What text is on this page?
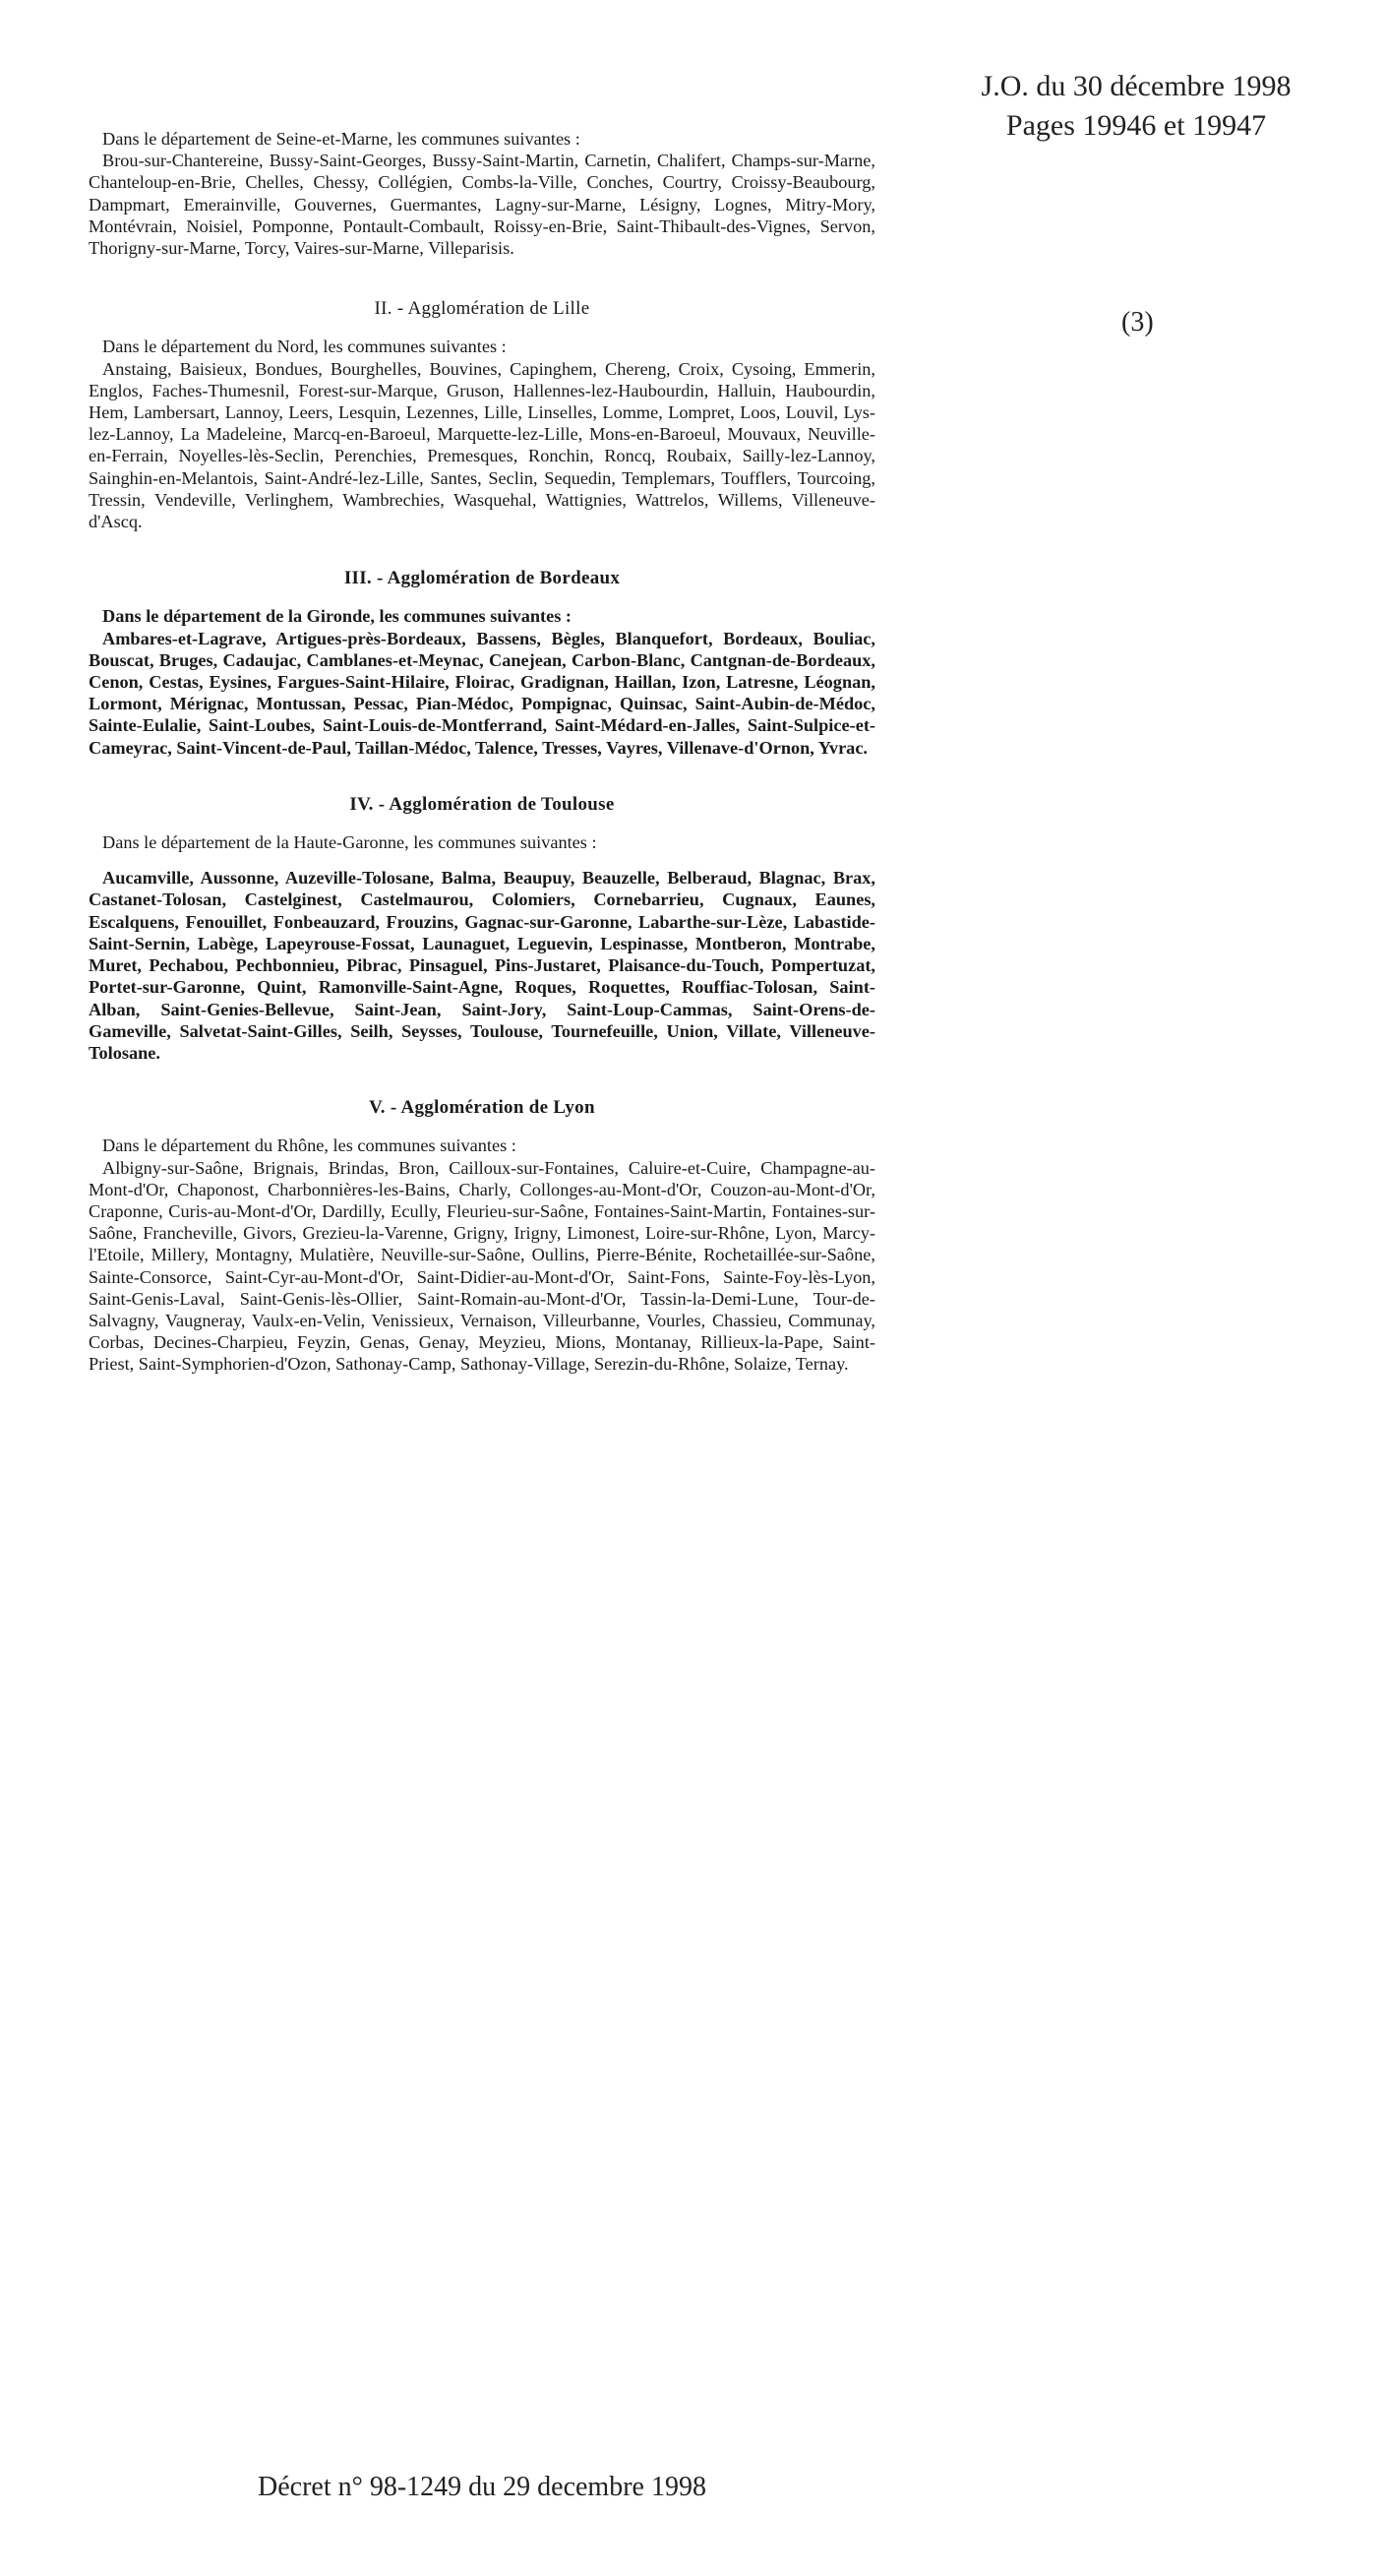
J.O. du 30 décembre 1998
Pages 19946 et 19947
(3)

Dans le département de Seine-et-Marne, les communes suivantes :

Brou-sur-Chantereine, Bussy-Saint-Georges, Bussy-Saint-Martin, Carnetin, Chalifert, Champs-sur-Marne, Chanteloup-en-Brie, Chelles, Chessy, Collégien, Combs-la-Ville, Conches, Courtry, Croissy-Beaubourg, Dampmart, Emerainville, Gouvernes, Guermantes, Lagny-sur-Marne, Lésigny, Lognes, Mitry-Mory, Montévrain, Noisiel, Pomponne, Pontault-Combault, Roissy-en-Brie, Saint-Thibault-des-Vignes, Servon, Thorigny-sur-Marne, Torcy, Vaires-sur-Marne, Villeparisis.

II. - Agglomération de Lille

Dans le département du Nord, les communes suivantes :

Anstaing, Baisieux, Bondues, Bourghelles, Bouvines, Capinghem, Chereng, Croix, Cysoing, Emmerin, Englos, Faches-Thumesnil, Forest-sur-Marque, Gruson, Hallennes-lez-Haubourdin, Halluin, Haubourdin, Hem, Lambersart, Lannoy, Leers, Lesquin, Lezennes, Lille, Linselles, Lomme, Lompret, Loos, Louvil, Lys-lez-Lannoy, La Madeleine, Marcq-en-Baroeul, Marquette-lez-Lille, Mons-en-Baroeul, Mouvaux, Neuville-en-Ferrain, Noyelles-lès-Seclin, Perenchies, Premesques, Ronchin, Roncq, Roubaix, Sailly-lez-Lannoy, Sainghin-en-Melantois, Saint-André-lez-Lille, Santes, Seclin, Sequedin, Templemars, Toufflers, Tourcoing, Tressin, Vendeville, Verlinghem, Wambrechies, Wasquehal, Wattignies, Wattrelos, Willems, Villeneuve-d'Ascq.

III. - Agglomération de Bordeaux

Dans le département de la Gironde, les communes suivantes :

Ambares-et-Lagrave, Artigues-près-Bordeaux, Bassens, Bègles, Blanquefort, Bordeaux, Bouliac, Bouscat, Bruges, Cadaujac, Camblanes-et-Meynac, Canejean, Carbon-Blanc, Cantgnan-de-Bordeaux, Cenon, Cestas, Eysines, Fargues-Saint-Hilaire, Floirac, Gradignan, Haillan, Izon, Latresne, Léognan, Lormont, Mérignac, Montussan, Pessac, Pian-Médoc, Pompignac, Quinsac, Saint-Aubin-de-Médoc, Sainte-Eulalie, Saint-Loubes, Saint-Louis-de-Montferrand, Saint-Médard-en-Jalles, Saint-Sulpice-et-Cameyrac, Saint-Vincent-de-Paul, Taillan-Médoc, Talence, Tresses, Vayres, Villenave-d'Ornon, Yvrac.

IV. - Agglomération de Toulouse

Dans le département de la Haute-Garonne, les communes suivantes :

Aucamville, Aussonne, Auzeville-Tolosane, Balma, Beaupuy, Beauzelle, Belberaud, Blagnac, Brax, Castanet-Tolosan, Castelginest, Castelmaurou, Colomiers, Cornebarrieu, Cugnaux, Eaunes, Escalquens, Fenouillet, Fonbeauzard, Frouzins, Gagnac-sur-Garonne, Labarthe-sur-Lèze, Labastide-Saint-Sernin, Labège, Lapeyrouse-Fossat, Launaguet, Leguevin, Lespinasse, Montberon, Montrabe, Muret, Pechabou, Pechbonnieu, Pibrac, Pinsaguel, Pins-Justaret, Plaisance-du-Touch, Pompertuzat, Portet-sur-Garonne, Quint, Ramonville-Saint-Agne, Roques, Roquettes, Rouffiac-Tolosan, Saint-Alban, Saint-Genies-Bellevue, Saint-Jean, Saint-Jory, Saint-Loup-Cammas, Saint-Orens-de-Gameville, Salvetat-Saint-Gilles, Seilh, Seysses, Toulouse, Tournefeuille, Union, Villate, Villeneuve-Tolosane.

V. - Agglomération de Lyon

Dans le département du Rhône, les communes suivantes :

Albigny-sur-Saône, Brignais, Brindas, Bron, Cailloux-sur-Fontaines, Caluire-et-Cuire, Champagne-au-Mont-d'Or, Chaponost, Charbonnières-les-Bains, Charly, Collonges-au-Mont-d'Or, Couzon-au-Mont-d'Or, Craponne, Curis-au-Mont-d'Or, Dardilly, Ecully, Fleurieu-sur-Saône, Fontaines-Saint-Martin, Fontaines-sur-Saône, Francheville, Givors, Grezieu-la-Varenne, Grigny, Irigny, Limonest, Loire-sur-Rhône, Lyon, Marcy-l'Etoile, Millery, Montagny, Mulatière, Neuville-sur-Saône, Oullins, Pierre-Bénite, Rochetaillée-sur-Saône, Sainte-Consorce, Saint-Cyr-au-Mont-d'Or, Saint-Didier-au-Mont-d'Or, Saint-Fons, Sainte-Foy-lès-Lyon, Saint-Genis-Laval, Saint-Genis-lès-Ollier, Saint-Romain-au-Mont-d'Or, Tassin-la-Demi-Lune, Tour-de-Salvagny, Vaugneray, Vaulx-en-Velin, Venissieux, Vernaison, Villeurbanne, Vourles, Chassieu, Communay, Corbas, Decines-Charpieu, Feyzin, Genas, Genay, Meyzieu, Mions, Montanay, Rillieux-la-Pape, Saint-Priest, Saint-Symphorien-d'Ozon, Sathonay-Camp, Sathonay-Village, Serezin-du-Rhône, Solaize, Ternay.

Décret n° 98-1249 du 29 decembre 1998
